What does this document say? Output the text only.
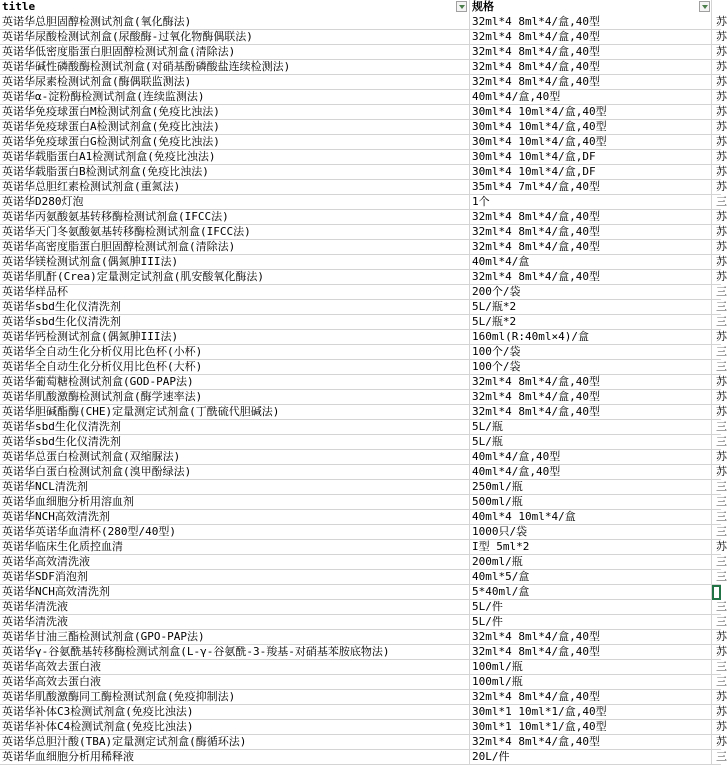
title	规格
英诺华总胆固醇检测试剂盒(氧化酶法)	32ml*4 8ml*4/盒,40型	苏
英诺华尿酸检测试剂盒(尿酸酶-过氧化物酶偶联法)	32ml*4 8ml*4/盒,40型	苏
英诺华低密度脂蛋白胆固醇检测试剂盒(清除法)	32ml*4 8ml*4/盒,40型	苏
英诺华碱性磷酸酶检测试剂盒(对硝基酚磷酸盐连续检测法)	32ml*4 8ml*4/盒,40型	苏
英诺华尿素检测试剂盒(酶偶联监测法)	32ml*4 8ml*4/盒,40型	苏
英诺华α-淀粉酶检测试剂盒(连续监测法)	40ml*4/盒,40型	苏
英诺华免疫球蛋白M检测试剂盒(免疫比浊法)	30ml*4 10ml*4/盒,40型	苏
英诺华免疫球蛋白A检测试剂盒(免疫比浊法)	30ml*4 10ml*4/盒,40型	苏
英诺华免疫球蛋白G检测试剂盒(免疫比浊法)	30ml*4 10ml*4/盒,40型	苏
英诺华载脂蛋白A1检测试剂盒(免疫比浊法)	30ml*4 10ml*4/盒,DF	苏
英诺华载脂蛋白B检测试剂盒(免疫比浊法)	30ml*4 10ml*4/盒,DF	苏
英诺华总胆红素检测试剂盒(重氮法)	35ml*4 7ml*4/盒,40型	苏
英诺华D280灯泡	1个	三
英诺华丙氨酸氨基转移酶检测试剂盒(IFCC法)	32ml*4 8ml*4/盒,40型	苏
英诺华天门冬氨酸氨基转移酶检测试剂盒(IFCC法)	32ml*4 8ml*4/盒,40型	苏
英诺华高密度脂蛋白胆固醇检测试剂盒(清除法)	32ml*4 8ml*4/盒,40型	苏
英诺华镁检测试剂盒(偶氮胂III法)	40ml*4/盒	苏
英诺华肌酐(Crea)定量测定试剂盒(肌安酸氧化酶法)	32ml*4 8ml*4/盒,40型	苏
英诺华样品杯	200个/袋	三
英诺华sbd生化仪清洗剂	5L/瓶*2	三
英诺华sbd生化仪清洗剂	5L/瓶*2	三
英诺华钙检测试剂盒(偶氮胂III法)	160ml(R:40ml×4)/盒	苏
英诺华全自动生化分析仪用比色杯(小杯)	100个/袋	三
英诺华全自动生化分析仪用比色杯(大杯)	100个/袋	三
英诺华葡萄糖检测试剂盒(GOD-PAP法)	32ml*4 8ml*4/盒,40型	苏
英诺华肌酸激酶检测试剂盒(酶学速率法)	32ml*4 8ml*4/盒,40型	苏
英诺华胆碱酯酶(CHE)定量测定试剂盒(丁酰硫代胆碱法)	32ml*4 8ml*4/盒,40型	苏
英诺华sbd生化仪清洗剂	5L/瓶	三
英诺华sbd生化仪清洗剂	5L/瓶	三
英诺华总蛋白检测试剂盒(双缩脲法)	40ml*4/盒,40型	苏
英诺华白蛋白检测试剂盒(溴甲酚绿法)	40ml*4/盒,40型	苏
英诺华NCL清洗剂	250ml/瓶	三
英诺华血细胞分析用溶血剂	500ml/瓶	三
英诺华NCH高效清洗剂	40ml*4 10ml*4/盒	三
英诺华英诺华血清杯(280型/40型)	1000只/袋	三
英诺华临床生化质控血清	I型 5ml*2	苏
英诺华高效清洗液	200ml/瓶	三
英诺华SDF消泡剂	40ml*5/盒	三
英诺华NCH高效清洗剂	5*40ml/盒
英诺华清洗液	5L/件	三
英诺华清洗液	5L/件	三
英诺华甘油三酯检测试剂盒(GPO-PAP法)	32ml*4 8ml*4/盒,40型	苏
英诺华γ-谷氨酰基转移酶检测试剂盒(L-γ-谷氨酰-3-羧基-对硝基苯胺底物法)	32ml*4 8ml*4/盒,40型	苏
英诺华高效去蛋白液	100ml/瓶	三
英诺华高效去蛋白液	100ml/瓶	三
英诺华肌酸激酶同工酶检测试剂盒(免疫抑制法)	32ml*4 8ml*4/盒,40型	苏
英诺华补体C3检测试剂盒(免疫比浊法)	30ml*1 10ml*1/盒,40型	苏
英诺华补体C4检测试剂盒(免疫比浊法)	30ml*1 10ml*1/盒,40型	苏
英诺华总胆汁酸(TBA)定量测定试剂盒(酶循环法)	32ml*4 8ml*4/盒,40型	苏
英诺华血细胞分析用稀释液	20L/件	三
